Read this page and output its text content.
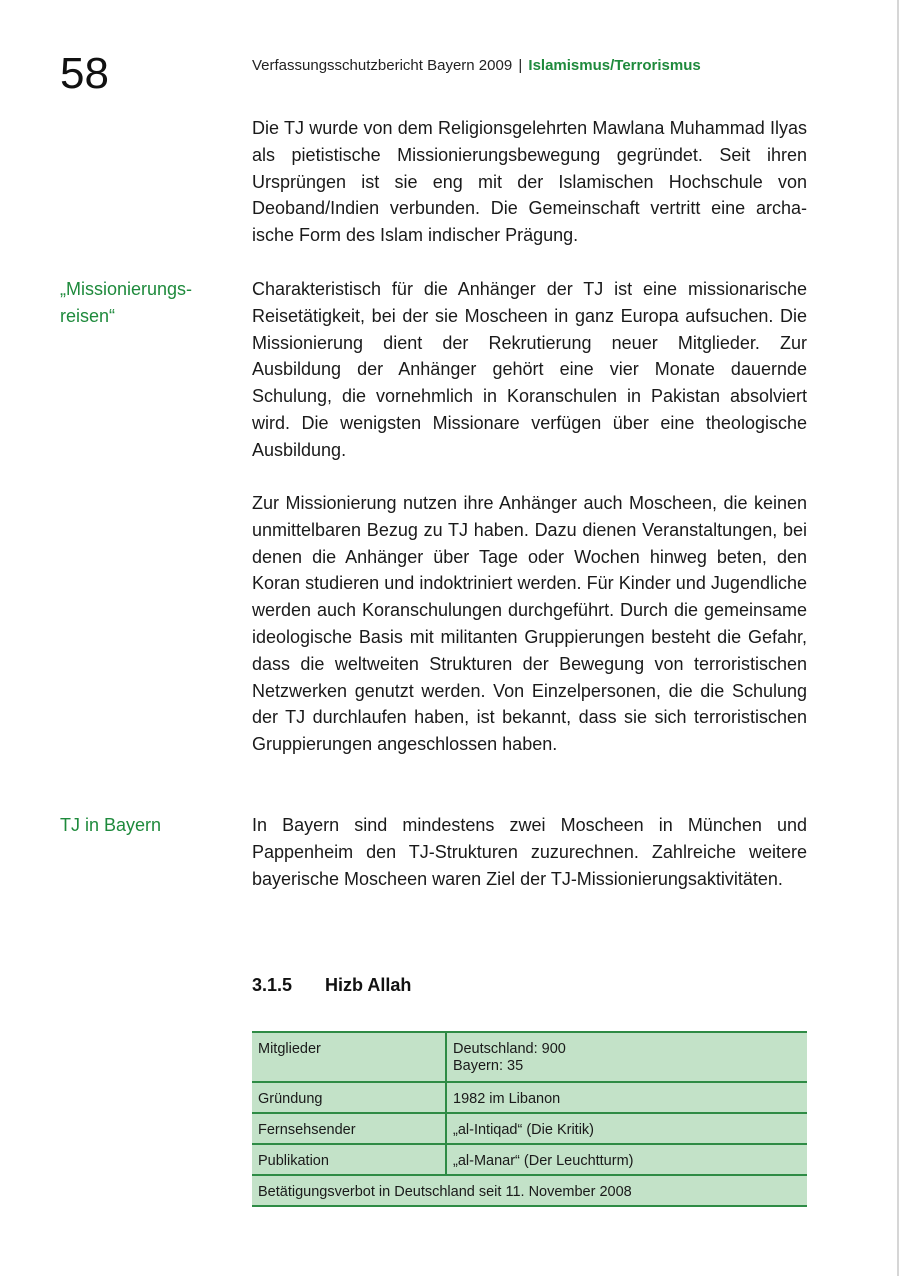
58	Verfassungsschutzbericht Bayern 2009 | Islamismus/Terrorismus
Die TJ wurde von dem Religionsgelehrten Mawlana Muhammad Ilyas als pietistische Missionierungsbewegung gegründet. Seit ihren Ursprüngen ist sie eng mit der Islamischen Hochschule von Deoband/Indien verbunden. Die Gemeinschaft vertritt eine archaische Form des Islam indischer Prägung.
„Missionierungs-
reisen“
Charakteristisch für die Anhänger der TJ ist eine missionarische Reisetätigkeit, bei der sie Moscheen in ganz Europa aufsuchen. Die Missionierung dient der Rekrutierung neuer Mitglieder. Zur Ausbildung der Anhänger gehört eine vier Monate dauernde Schulung, die vornehmlich in Koranschulen in Pakistan absolviert wird. Die wenigsten Missionare verfügen über eine theologische Ausbildung.
Zur Missionierung nutzen ihre Anhänger auch Moscheen, die keinen unmittelbaren Bezug zu TJ haben. Dazu dienen Veranstaltungen, bei denen die Anhänger über Tage oder Wochen hinweg beten, den Koran studieren und indoktriniert werden. Für Kinder und Jugendliche werden auch Koranschulungen durchgeführt. Durch die gemeinsame ideologische Basis mit militanten Gruppierungen besteht die Gefahr, dass die weltweiten Strukturen der Bewegung von terroristischen Netzwerken genutzt werden. Von Einzelpersonen, die die Schulung der TJ durchlaufen haben, ist bekannt, dass sie sich terroristischen Gruppierungen angeschlossen haben.
TJ in Bayern	In Bayern sind mindestens zwei Moscheen in München und Pappenheim den TJ-Strukturen zuzurechnen. Zahlreiche weitere bayerische Moscheen waren Ziel der TJ-Missionierungsaktivitäten.
3.1.5 Hizb Allah
Mitglieder	Deutschland: 900
Bayern: 35

Gründung	1982 im Libanon
Fernsehsender	„al-Intiqad“ (Die Kritik)
Publikation	„al-Manar“ (Der Leuchtturm)
Betätigungsverbot in Deutschland seit 11. November 2008	
